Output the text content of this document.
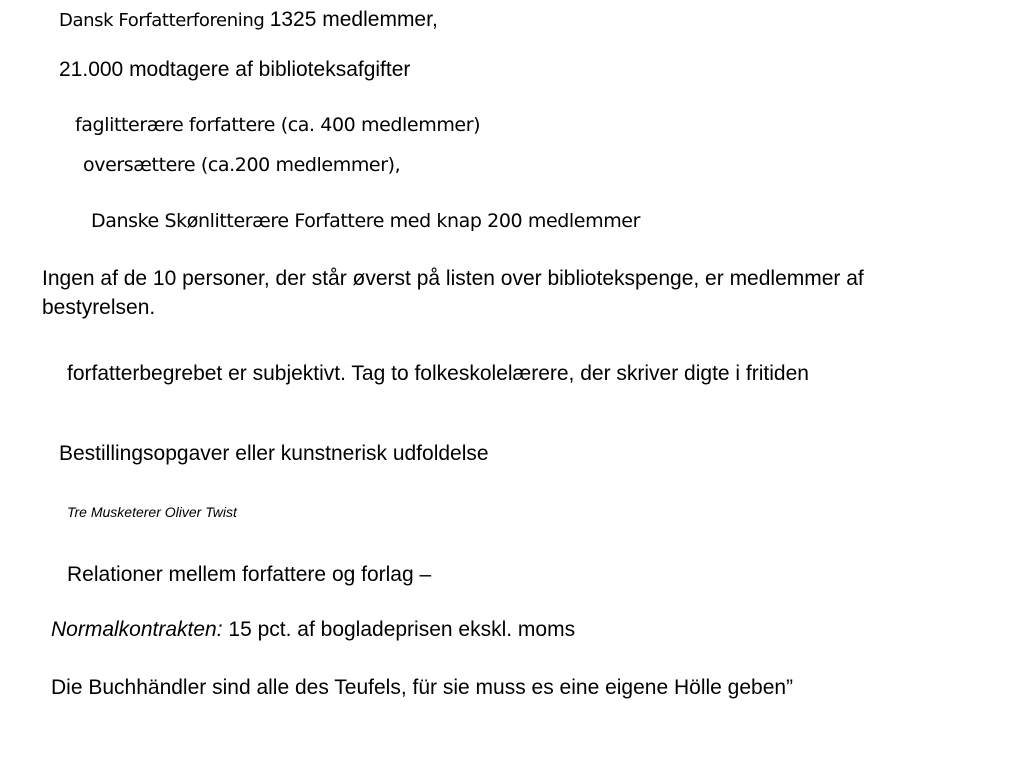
Dansk Forfatterforening 1325 medlemmer,

21.000 modtagere af biblioteksafgifter

faglitterære forfattere (ca. 400 medlemmer)

oversættere (ca.200 medlemmer),

Danske Skønlitterære Forfattere med knap 200 medlemmer

Ingen af de 10 personer, der står øverst på listen over bibliotekspenge, er medlemmer af bestyrelsen.

forfatterbegrebet er subjektivt. Tag to folkeskolelærere, der skriver digte i fritiden

Bestillingsopgaver eller kunstnerisk udfoldelse

Tre Musketerer Oliver Twist

Relationer mellem forfattere og forlag –

Normalkontrakten: 15 pct. af bogladeprisen ekskl. moms

Die Buchhändler sind alle des Teufels, für sie muss es eine eigene Hölle geben”
